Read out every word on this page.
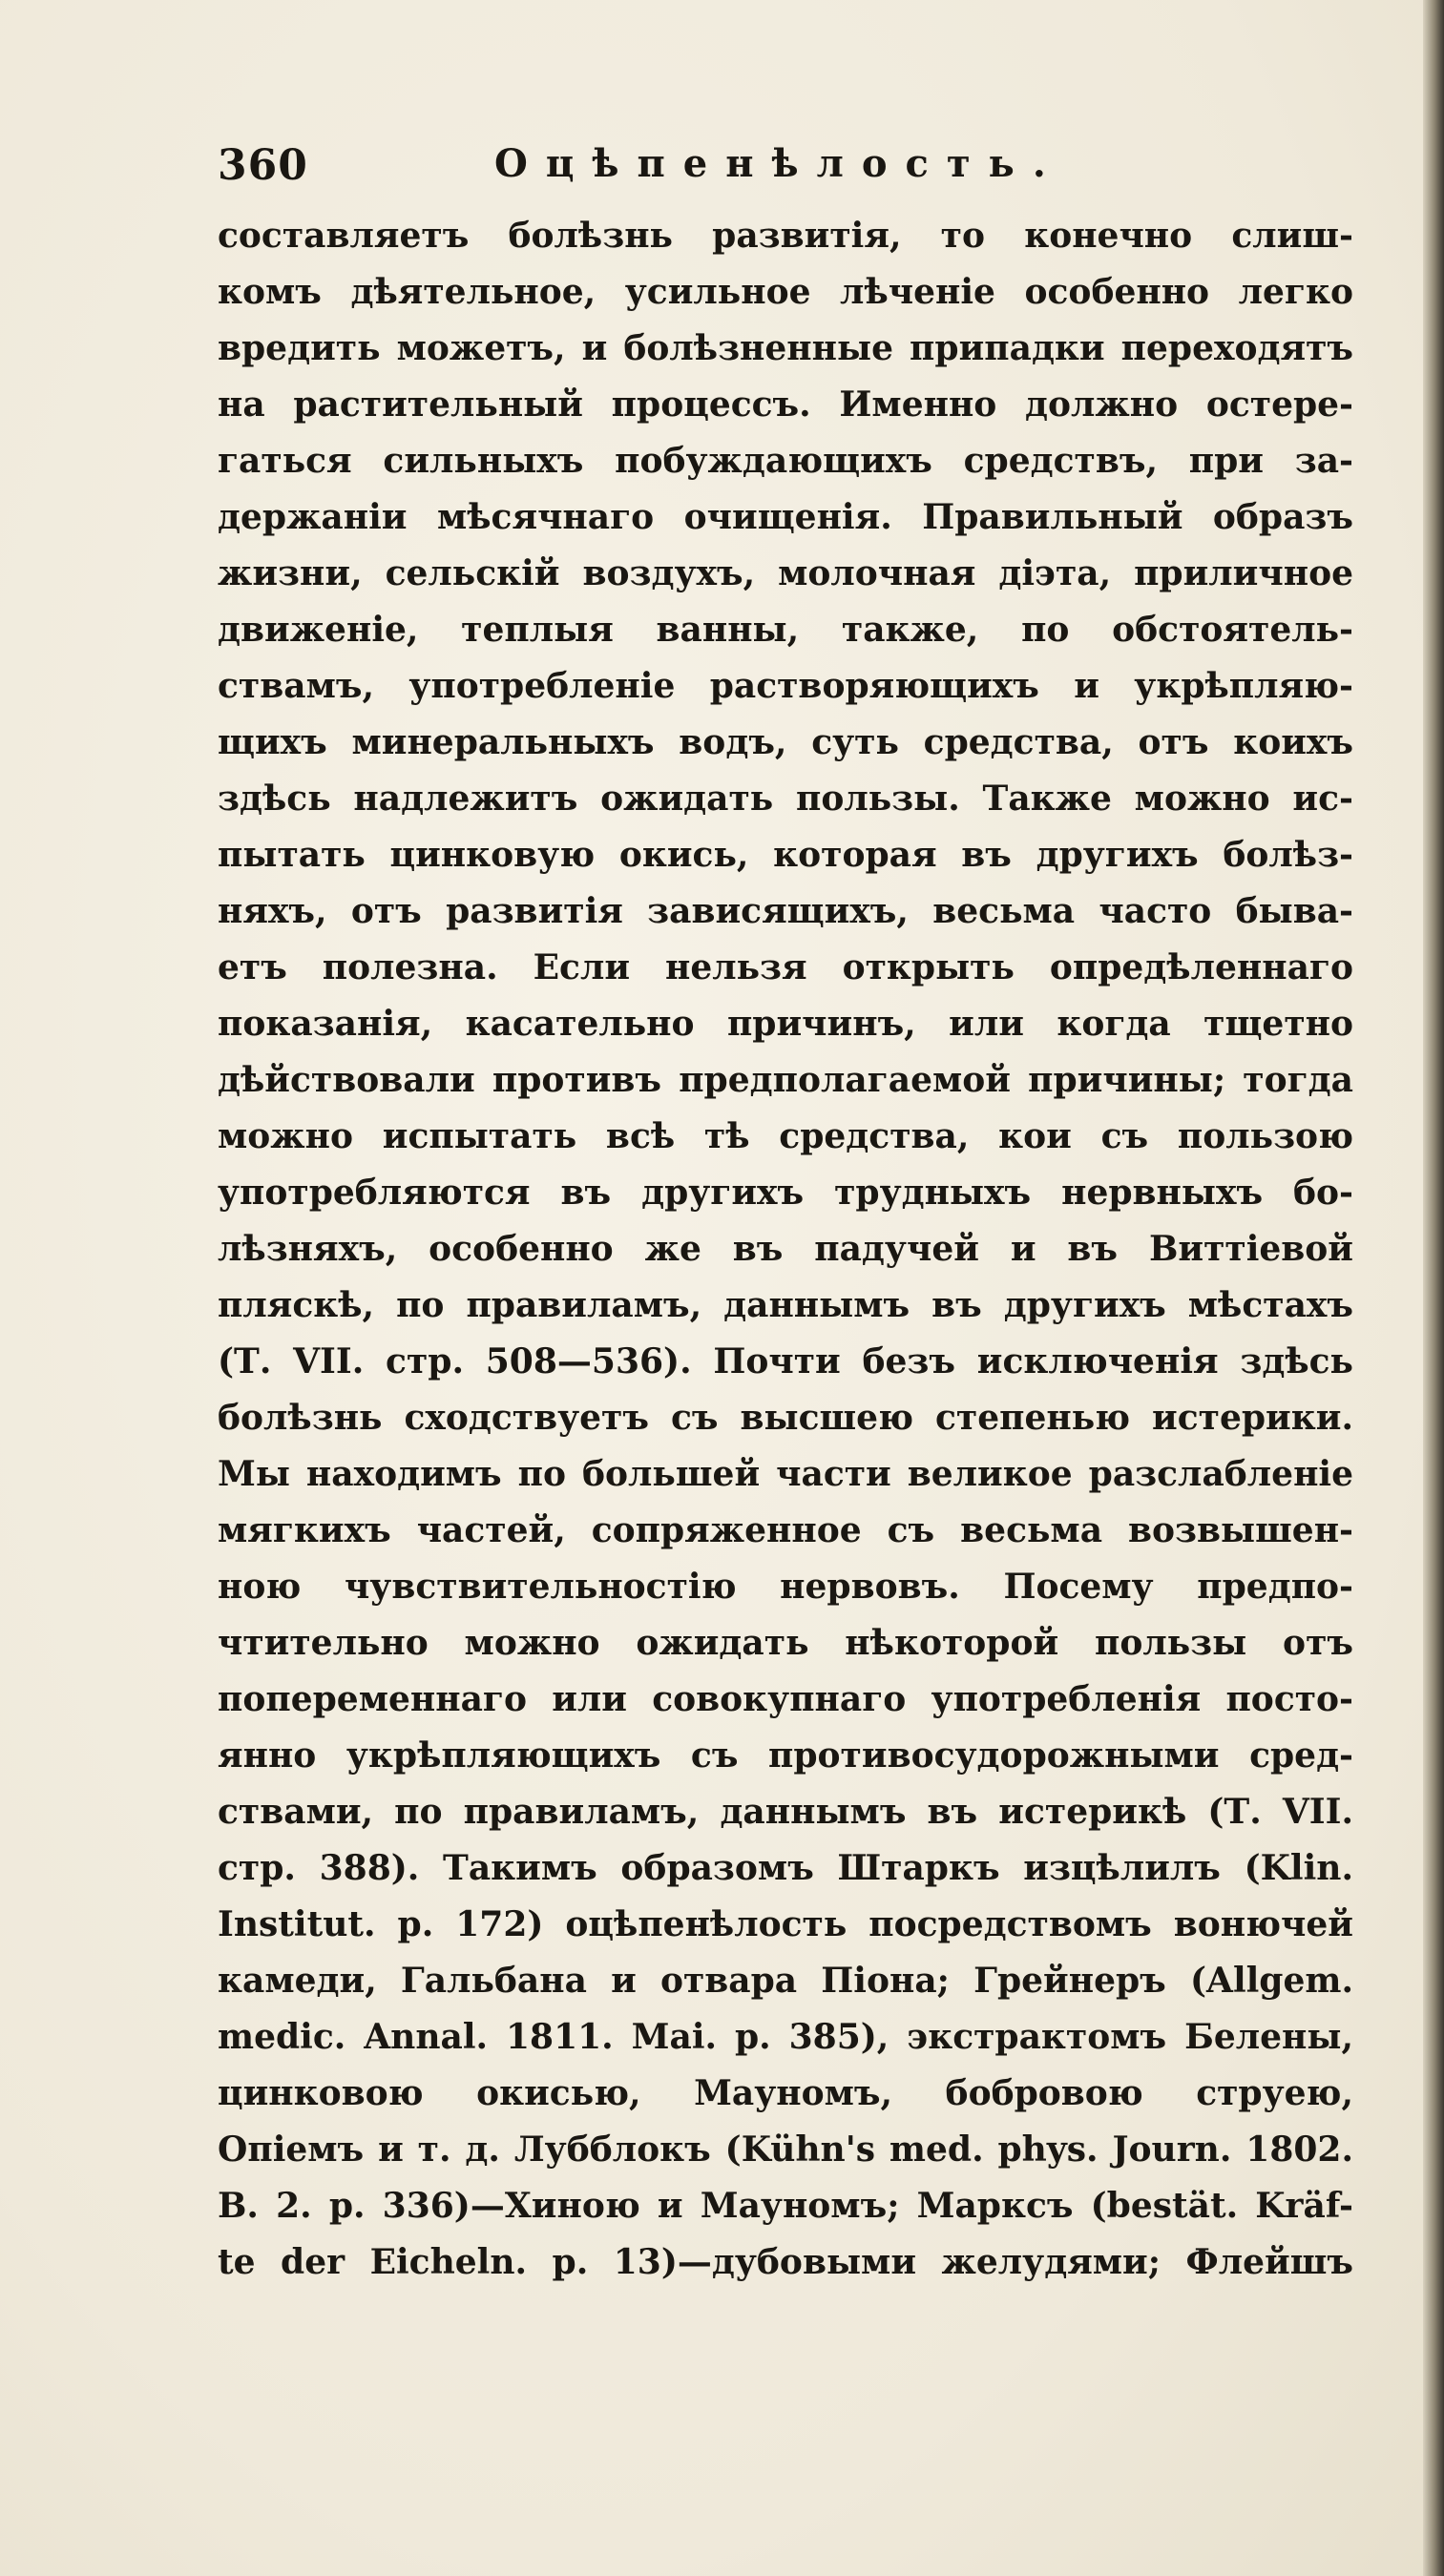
360	Оцѣпенѣлость.
составляетъ болѣзнь развитія, то конечно слиш-
комъ дѣятельное, усильное лѣченіе особенно легко
вредить можетъ, и болѣзненные припадки переходятъ
на растительный процессъ. Именно должно остере-
гаться сильныхъ побуждающихъ средствъ, при за-
держаніи мѣсячнаго очищенія. Правильный образъ
жизни, сельскій воздухъ, молочная діэта, приличное
движеніе, теплыя ванны, также, по обстоятель-
ствамъ, употребленіе растворяющихъ и укрѣпляю-
щихъ минеральныхъ водъ, суть средства, отъ коихъ
здѣсь надлежитъ ожидать пользы. Также можно ис-
пытать цинковую окись, которая въ другихъ болѣз-
няхъ, отъ развитія зависящихъ, весьма часто быва-
етъ полезна. Если нельзя открыть опредѣленнаго
показанія, касательно причинъ, или когда тщетно
дѣйствовали противъ предполагаемой причины; тогда
можно испытать всѣ тѣ средства, кои съ пользою
употребляются въ другихъ трудныхъ нервныхъ бо-
лѣзняхъ, особенно же въ падучей и въ Виттіевой
пляскѣ, по правиламъ, даннымъ въ другихъ мѣстахъ
(Т. VII. стр. 508—536). Почти безъ исключенія здѣсь
болѣзнь сходствуетъ съ высшею степенью истерики.
Мы находимъ по большей части великое разслабленіе
мягкихъ частей, сопряженное съ весьма возвышен-
ною чувствительностію нервовъ. Посему предпо-
чтительно можно ожидать нѣкоторой пользы отъ
попеременнаго или совокупнаго употребленія посто-
янно укрѣпляющихъ съ противосудорожными сред-
ствами, по правиламъ, даннымъ въ истерикѣ (Т. VII.
стр. 388). Такимъ образомъ Штаркъ изцѣлилъ (Klin.
Institut. p. 172) оцѣпенѣлость посредствомъ вонючей
камеди, Гальбана и отвара Піона; Грейнеръ (Allgem.
medic. Annal. 1811. Mai. p. 385), экстрактомъ Белены,
цинковою окисью, Мауномъ, бобровою струею,
Опіемъ и т. д. Лубблокъ (Kühn's med. phys. Journ. 1802.
B. 2. p. 336)—Хиною и Мауномъ; Марксъ (bestät. Kräf-
te der Eicheln. p. 13)—дубовыми желудями; Флейшъ
